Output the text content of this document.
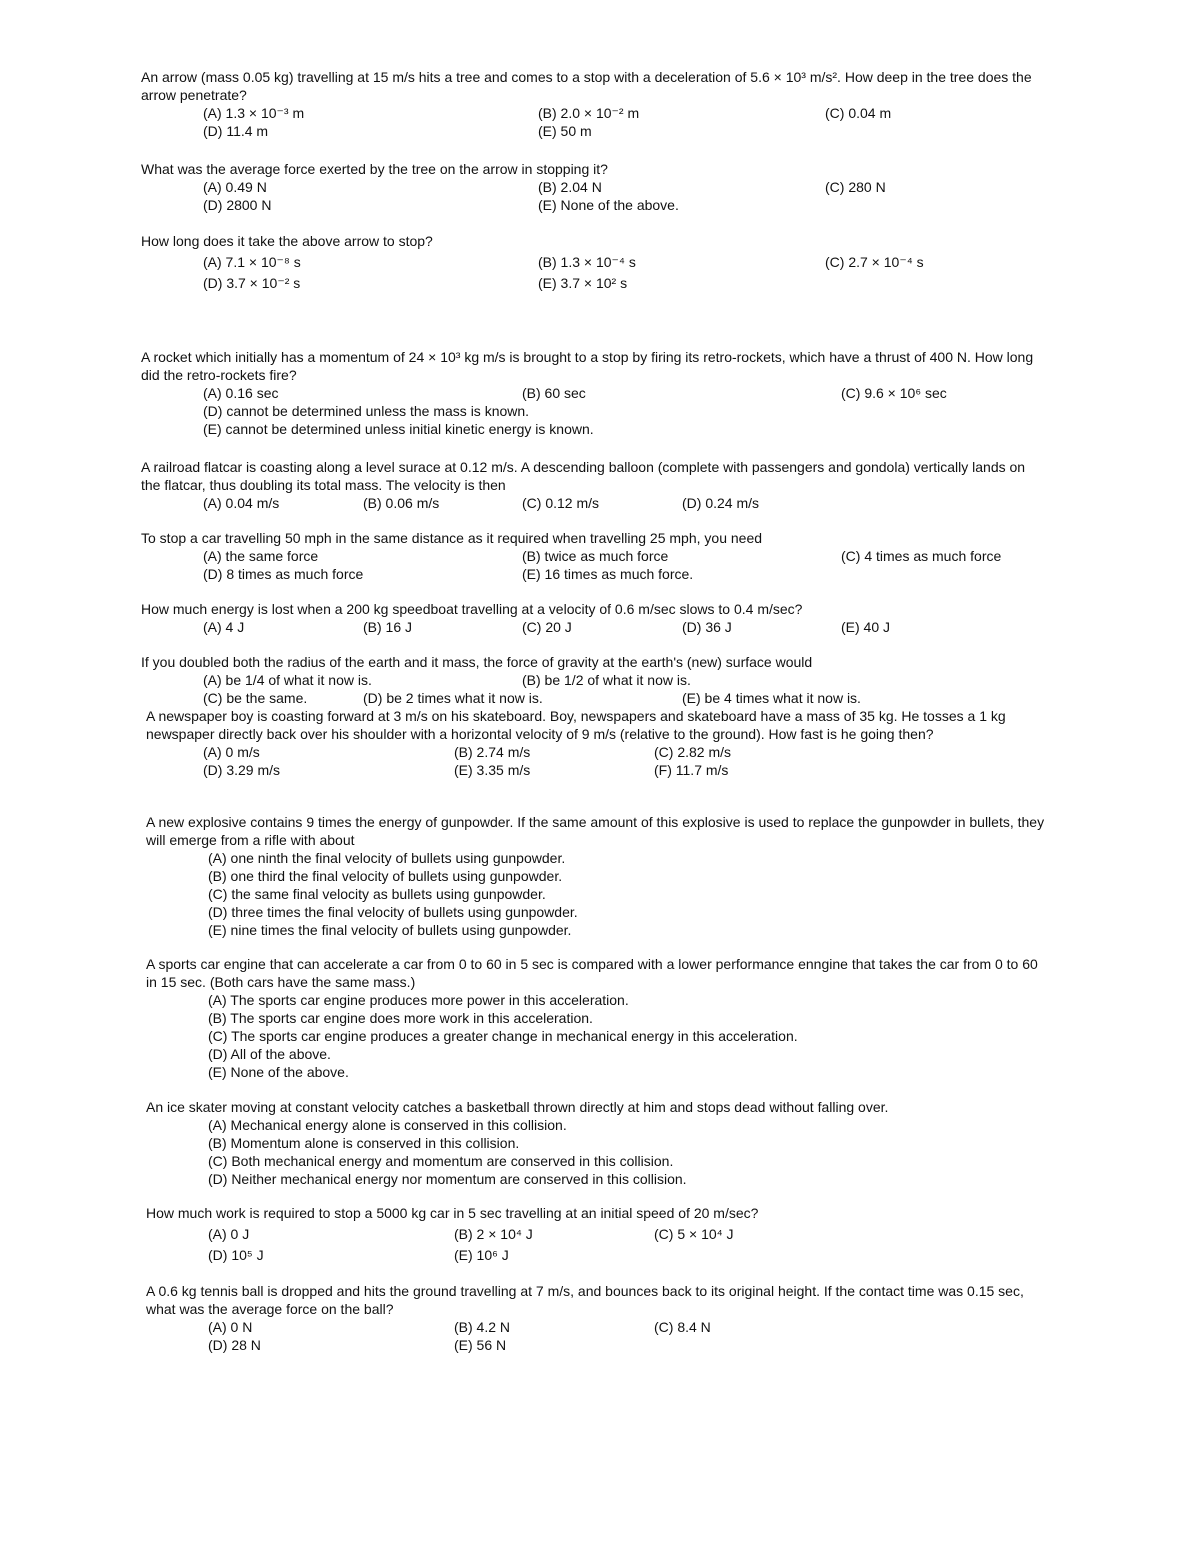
An arrow (mass 0.05 kg) travelling at 15 m/s hits a tree and comes to a stop with a deceleration of 5.6 × 10³ m/s². How deep in the tree does the arrow penetrate?
(A) 1.3 × 10⁻³ m	(B) 2.0 × 10⁻² m	(C) 0.04 m
(D) 11.4 m	(E) 50 m
What was the average force exerted by the tree on the arrow in stopping it?
(A) 0.49 N	(B) 2.04 N	(C) 280 N
(D) 2800 N	(E) None of the above.
How long does it take the above arrow to stop?
(A) 7.1 × 10⁻⁸ s	(B) 1.3 × 10⁻⁴ s	(C) 2.7 × 10⁻⁴ s
(D) 3.7 × 10⁻² s	(E) 3.7 × 10² s
A rocket which initially has a momentum of 24 × 10³ kg m/s is brought to a stop by firing its retro-rockets, which have a thrust of 400 N. How long did the retro-rockets fire?
(A) 0.16 sec	(B) 60 sec	(C) 9.6 × 10⁶ sec
(D) cannot be determined unless the mass is known.
(E) cannot be determined unless initial kinetic energy is known.
A railroad flatcar is coasting along a level surace at 0.12 m/s. A descending balloon (complete with passengers and gondola) vertically lands on the flatcar, thus doubling its total mass. The velocity is then
(A) 0.04 m/s	(B) 0.06 m/s	(C) 0.12 m/s	(D) 0.24 m/s
To stop a car travelling 50 mph in the same distance as it required when travelling 25 mph, you need
(A) the same force	(B) twice as much force	(C) 4 times as much force
(D) 8 times as much force	(E) 16 times as much force.
How much energy is lost when a 200 kg speedboat travelling at a velocity of 0.6 m/sec slows to 0.4 m/sec?
(A) 4 J	(B) 16 J	(C) 20 J	(D) 36 J	(E) 40 J
If you doubled both the radius of the earth and it mass, the force of gravity at the earth's (new) surface would
(A) be 1/4 of what it now is.	(B) be 1/2 of what it now is.
(C) be the same.	(D) be 2 times what it now is.	(E) be 4 times what it now is.
A newspaper boy is coasting forward at 3 m/s on his skateboard. Boy, newspapers and skateboard have a mass of 35 kg. He tosses a 1 kg newspaper directly back over his shoulder with a horizontal velocity of 9 m/s (relative to the ground). How fast is he going then?
(A) 0 m/s	(B) 2.74 m/s	(C) 2.82 m/s
(D) 3.29 m/s	(E) 3.35 m/s	(F) 11.7 m/s
A new explosive contains 9 times the energy of gunpowder. If the same amount of this explosive is used to replace the gunpowder in bullets, they will emerge from a rifle with about
(A) one ninth the final velocity of bullets using gunpowder.
(B) one third the final velocity of bullets using gunpowder.
(C) the same final velocity as bullets using gunpowder.
(D) three times the final velocity of bullets using gunpowder.
(E) nine times the final velocity of bullets using gunpowder.
A sports car engine that can accelerate a car from 0 to 60 in 5 sec is compared with a lower performance enngine that takes the car from 0 to 60 in 15 sec. (Both cars have the same mass.)
(A) The sports car engine produces more power in this acceleration.
(B) The sports car engine does more work in this acceleration.
(C) The sports car engine produces a greater change in mechanical energy in this acceleration.
(D) All of the above.
(E) None of the above.
An ice skater moving at constant velocity catches a basketball thrown directly at him and stops dead without falling over.
(A) Mechanical energy alone is conserved in this collision.
(B) Momentum alone is conserved in this collision.
(C) Both mechanical energy and momentum are conserved in this collision.
(D) Neither mechanical energy nor momentum are conserved in this collision.
How much work is required to stop a 5000 kg car in 5 sec travelling at an initial speed of 20 m/sec?
(A) 0 J	(B) 2 × 10⁴ J	(C) 5 × 10⁴ J
(D) 10⁵ J	(E) 10⁶ J
A 0.6 kg tennis ball is dropped and hits the ground travelling at 7 m/s, and bounces back to its original height. If the contact time was 0.15 sec, what was the average force on the ball?
(A) 0 N	(B) 4.2 N	(C) 8.4 N
(D) 28 N	(E) 56 N
